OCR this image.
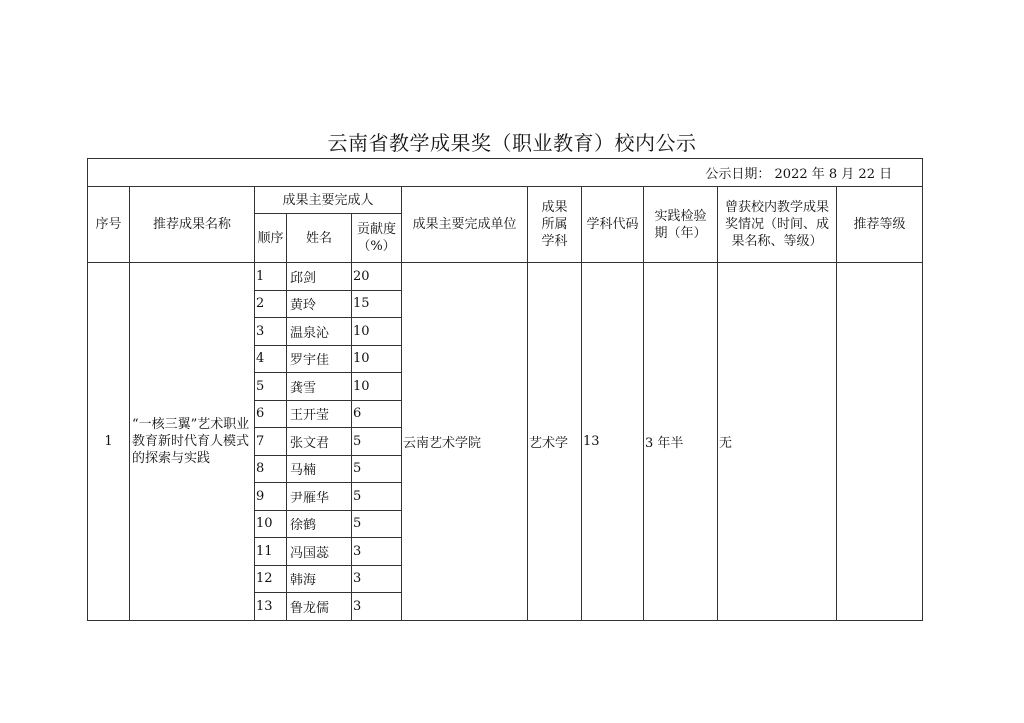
云南省教学成果奖（职业教育）校内公示
公示日期： 2022 年 8 月 22 日										
序号	推荐成果名称	成果主要完成人			成果主要完成单位	成果所属学科	学科代码	实践检验期（年）	曾获校内教学成果奖情况（时间、成果名称、等级）	推荐等级
		顺序	姓名	贡献度（%）						
1	“一核三翼”艺术职业教育新时代育人模式的探索与实践	1	邱剑	20	云南艺术学院	艺术学	13	3 年半	无	
		2	黄玲	15						
		3	温泉沁	10						
		4	罗宇佳	10						
		5	龚雪	10						
		6	王开莹	6						
		7	张文君	5						
		8	马楠	5						
		9	尹雁华	5						
		10	徐鹤	5						
		11	冯国蕊	3						
		12	韩海	3						
		13	鲁龙儒	3						
